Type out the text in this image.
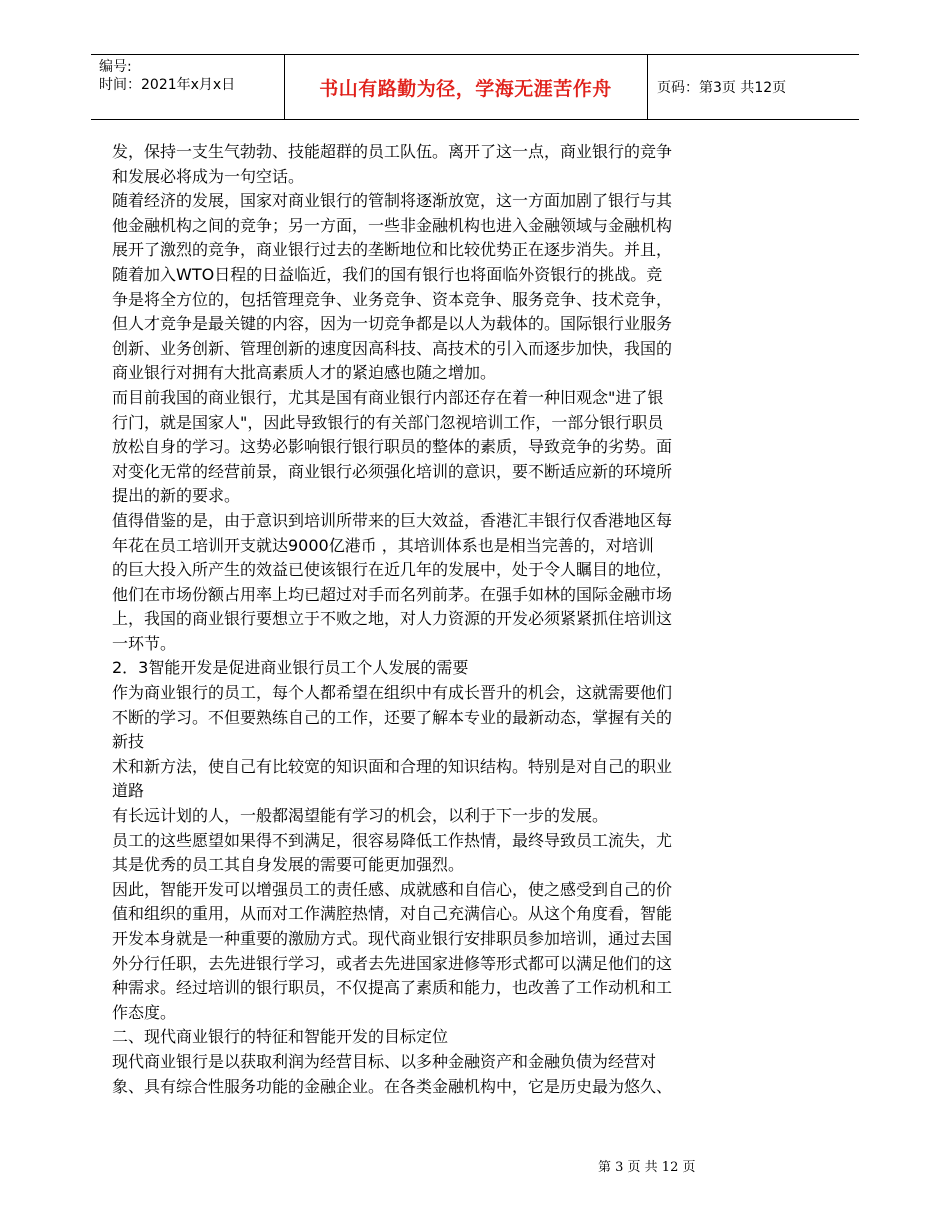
编号:
时间：2021年x月x日	书山有路勤为径，学海无涯苦作舟	页码：第3页 共12页
发，保持一支生气勃勃、技能超群的员工队伍。离开了这一点，商业银行的竞争
和发展必将成为一句空话。
随着经济的发展，国家对商业银行的管制将逐渐放宽，这一方面加剧了银行与其
他金融机构之间的竞争；另一方面，一些非金融机构也进入金融领域与金融机构
展开了激烈的竞争，商业银行过去的垄断地位和比较优势正在逐步消失。并且，
随着加入WTO日程的日益临近，我们的国有银行也将面临外资银行的挑战。竞
争是将全方位的，包括管理竞争、业务竞争、资本竞争、服务竞争、技术竞争，
但人才竞争是最关键的内容，因为一切竞争都是以人为载体的。国际银行业服务
创新、业务创新、管理创新的速度因高科技、高技术的引入而逐步加快，我国的
商业银行对拥有大批高素质人才的紧迫感也随之增加。
而目前我国的商业银行，尤其是国有商业银行内部还存在着一种旧观念"进了银
行门，就是国家人"，因此导致银行的有关部门忽视培训工作，一部分银行职员
放松自身的学习。这势必影响银行银行职员的整体的素质，导致竞争的劣势。面
对变化无常的经营前景，商业银行必须强化培训的意识，要不断适应新的环境所
提出的新的要求。
值得借鉴的是，由于意识到培训所带来的巨大效益，香港汇丰银行仅香港地区每
年花在员工培训开支就达9000亿港币 ，其培训体系也是相当完善的，对培训
的巨大投入所产生的效益已使该银行在近几年的发展中，处于令人瞩目的地位，
他们在市场份额占用率上均已超过对手而名列前茅。在强手如林的国际金融市场
上，我国的商业银行要想立于不败之地，对人力资源的开发必须紧紧抓住培训这
一环节。
2．3智能开发是促进商业银行员工个人发展的需要
作为商业银行的员工，每个人都希望在组织中有成长晋升的机会，这就需要他们
不断的学习。不但要熟练自己的工作，还要了解本专业的最新动态，掌握有关的
新技
术和新方法，使自己有比较宽的知识面和合理的知识结构。特别是对自己的职业
道路
有长远计划的人，一般都渴望能有学习的机会，以利于下一步的发展。
员工的这些愿望如果得不到满足，很容易降低工作热情，最终导致员工流失，尤
其是优秀的员工其自身发展的需要可能更加强烈。
因此，智能开发可以增强员工的责任感、成就感和自信心，使之感受到自己的价
值和组织的重用，从而对工作满腔热情，对自己充满信心。从这个角度看，智能
开发本身就是一种重要的激励方式。现代商业银行安排职员参加培训，通过去国
外分行任职，去先进银行学习，或者去先进国家进修等形式都可以满足他们的这
种需求。经过培训的银行职员，不仅提高了素质和能力，也改善了工作动机和工
作态度。
二、现代商业银行的特征和智能开发的目标定位
现代商业银行是以获取利润为经营目标、以多种金融资产和金融负债为经营对
象、具有综合性服务功能的金融企业。在各类金融机构中，它是历史最为悠久、
第 3 页 共 12 页
